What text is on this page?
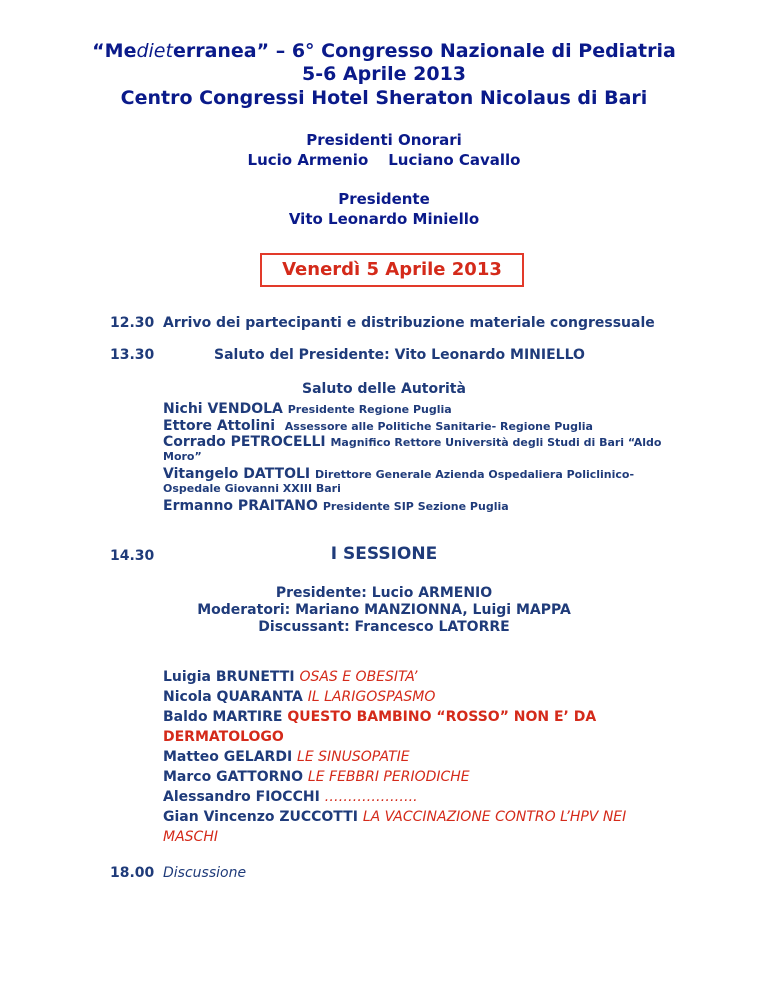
“Medieterranea” – 6° Congresso Nazionale di Pediatria
5-6 Aprile 2013
Centro Congressi Hotel Sheraton Nicolaus di Bari
Presidenti Onorari
Lucio Armenio Luciano Cavallo
Presidente
Vito Leonardo Miniello
Venerdì 5 Aprile 2013
12.30 Arrivo dei partecipanti e distribuzione materiale congressuale
13.30	Saluto del Presidente: Vito Leonardo MINIELLO
Saluto delle Autorità
Nichi VENDOLA Presidente Regione Puglia
Ettore Attolini Assessore alle Politiche Sanitarie- Regione Puglia
Corrado PETROCELLI Magnifico Rettore Università degli Studi di Bari “Aldo
Moro”
Vitangelo DATTOLI Direttore Generale Azienda Ospedaliera Policlinico-
Ospedale Giovanni XXIII Bari
Ermanno PRAITANO Presidente SIP Sezione Puglia
14.30	I SESSIONE
Presidente: Lucio ARMENIO
Moderatori: Mariano MANZIONNA, Luigi MAPPA
Discussant: Francesco LATORRE
Luigia BRUNETTI OSAS E OBESITA’
Nicola QUARANTA IL LARIGOSPASMO
Baldo MARTIRE QUESTO BAMBINO “ROSSO” NON E’ DA
DERMATOLOGO
Matteo GELARDI LE SINUSOPATIE
Marco GATTORNO LE FEBBRI PERIODICHE
Alessandro FIOCCHI ………………..
Gian Vincenzo ZUCCOTTI LA VACCINAZIONE CONTRO L’HPV NEI
MASCHI
18.00 Discussione
